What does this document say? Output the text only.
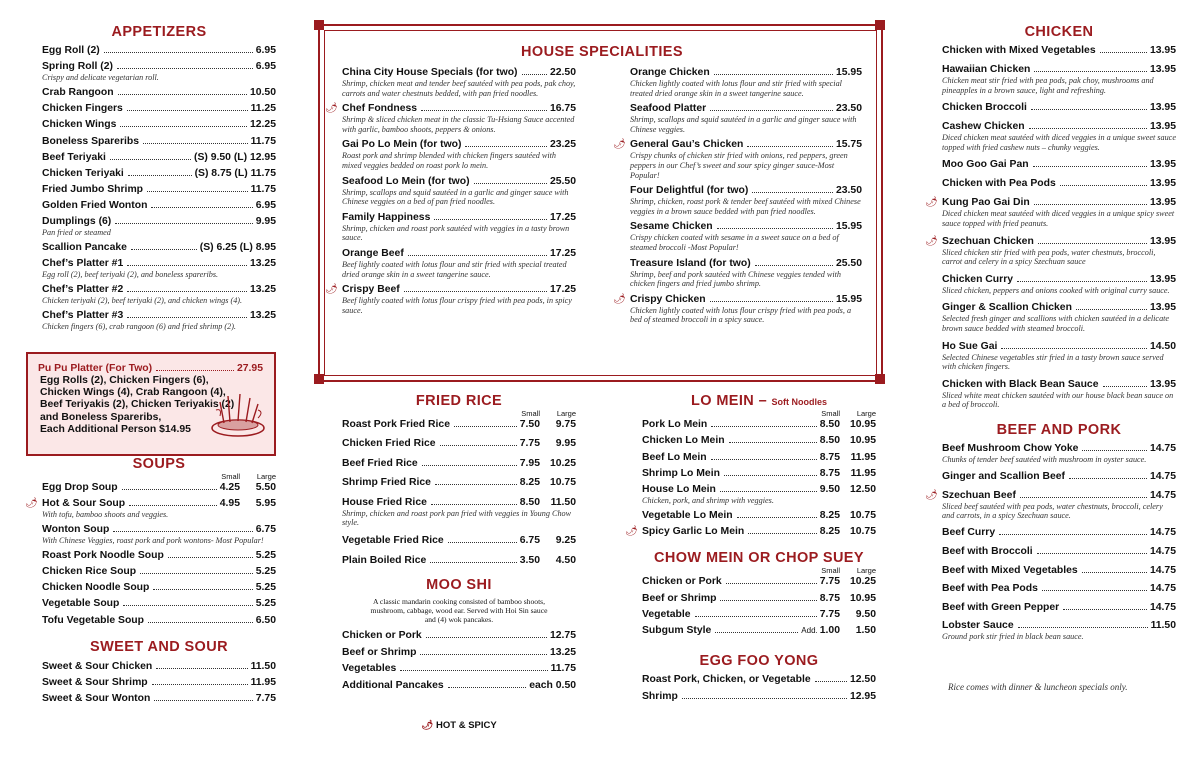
APPETIZERS
Egg Roll (2)	6.95
Spring Roll (2)	6.95

Crispy and delicate vegetarian roll.

Crab Rangoon	10.50
Chicken Fingers	11.25
Chicken Wings	12.25
Boneless Spareribs	11.75
Beef Teriyaki	(S) 9.50 (L) 12.95
Chicken Teriyaki	(S) 8.75 (L) 11.75
Fried Jumbo Shrimp	11.75
Golden Fried Wonton	6.95
Dumplings (6)	9.95

Pan fried or steamed

Scallion Pancake	(S) 6.25 (L) 8.95
Chef’s Platter #1	13.25

Egg roll (2), beef teriyaki (2), and boneless spareribs.

Chef’s Platter #2	13.25

Chicken teriyaki (2), beef teriyaki (2), and chicken wings (4).

Chef’s Platter #3	13.25

Chicken fingers (6), crab rangoon (6) and fried shrimp (2).

Pu Pu Platter (For Two)	27.95
Egg Rolls (2), Chicken Fingers (6),
Chicken Wings (4), Crab Rangoon (4),
Beef Teriyakis (2), Chicken Teriyakis (2)
and Boneless Spareribs,
Each Additional Person $14.95
SOUPS
Small	Large
Egg Drop Soup	4.25	5.50
🌶 Hot & Sour Soup	4.95	5.95

With tofu, bamboo shoots and veggies.

Wonton Soup	6.75

With Chinese Veggies, roast pork and pork wontons- Most Popular!

Roast Pork Noodle Soup	5.25
Chicken Rice Soup	5.25
Chicken Noodle Soup	5.25
Vegetable Soup	5.25
Tofu Vegetable Soup	6.50
SWEET AND SOUR
Sweet & Sour Chicken	11.50
Sweet & Sour Shrimp	11.95
Sweet & Sour Wonton	7.75
HOUSE SPECIALITIES
China City House Specials (for two)	22.50

Shrimp, chicken meat and tender beef sautéed with pea pods, pak choy, carrots and water chestnuts bedded, with pan fried noodles.

🌶 Chef Fondness	16.75

Shrimp & sliced chicken meat in the classic Tu-Hsiang Sauce accented with garlic, bamboo shoots, peppers & onions.

Gai Po Lo Mein (for two)	23.25

Roast pork and shrimp blended with chicken fingers sautéed with mixed veggies bedded on roast pork lo mein.

Seafood Lo Mein (for two)	25.50

Shrimp, scallops and squid sautéed in a garlic and ginger sauce with Chinese veggies on a bed of pan fried noodles.

Family Happiness	17.25

Shrimp, chicken and roast pork sautéed with veggies in a tasty brown sauce.

Orange Beef	17.25

Beef lightly coated with lotus flour and stir fried with special treated dried orange skin in a sweet tangerine sauce.

🌶 Crispy Beef	17.25

Beef lightly coated with lotus flour crispy fried with pea pods, in spicy sauce.

Orange Chicken	15.95

Chicken lightly coated with lotus flour and stir fried with special treated dried orange skin in a sweet tangerine sauce.

Seafood Platter	23.50

Shrimp, scallops and squid sautéed in a garlic and ginger sauce with Chinese veggies.

🌶 General Gau’s Chicken	15.75

Crispy chunks of chicken stir fried with onions, red peppers, green peppers in our Chef’s sweet and sour spicy ginger sauce-Most Popular!

Four Delightful (for two)	23.50

Shrimp, chicken, roast pork & tender beef sautéed with mixed Chinese veggies in a brown sauce bedded with pan fried noodles.

Sesame Chicken	15.95

Crispy chicken coated with sesame in a sweet sauce on a bed of steamed broccoli -Most Popular!

Treasure Island (for two)	25.50

Shrimp, beef and pork sautéed with Chinese veggies tended with chicken fingers and fried jumbo shrimp.

🌶 Crispy Chicken	15.95

Chicken lightly coated with lotus flour crispy fried with pea pods, a bed of steamed broccoli in a spicy sauce.

FRIED RICE
Small	Large
Roast Pork Fried Rice	7.50	9.75
Chicken Fried Rice	7.75	9.95
Beef Fried Rice	7.95 10.25
Shrimp Fried Rice	8.25 10.75
House Fried Rice	8.50	11.50

Shrimp, chicken and roast pork pan fried with veggies in Young Chow style.

Vegetable Fried Rice	6.75	9.25
Plain Boiled Rice	3.50	4.50
MOO SHI

A classic mandarin cooking consisted of bamboo shoots, mushroom, cabbage, wood ear. Served with Hoi Sin sauce and (4) wok pancakes.

Chicken or Pork	12.75
Beef or Shrimp	13.25
Vegetables	11.75
Additional Pancakes	each 0.50
🌶 HOT & SPICY
LO MEIN – Soft Noodles
Small	Large
Pork Lo Mein	8.50 10.95
Chicken Lo Mein	8.50 10.95
Beef Lo Mein	8.75	11.95
Shrimp Lo Mein	8.75	11.95
House Lo Mein	9.50 12.50

Chicken, pork, and shrimp with veggies.

Vegetable Lo Mein	8.25 10.75
🌶 Spicy Garlic Lo Mein	8.25 10.75
CHOW MEIN OR CHOP SUEY
Small	Large
Chicken or Pork	7.75 10.25
Beef or Shrimp	8.75 10.95
Vegetable	7.75	9.50
Subgum Style	Add. 1.00	1.50
EGG FOO YONG
Roast Pork, Chicken, or Vegetable	12.50
Shrimp	12.95
CHICKEN
Chicken with Mixed Vegetables	13.95
Hawaiian Chicken	13.95

Chicken meat stir fried with pea pods, pak choy, mushrooms and pineapples in a brown sauce, light and refreshing.

Chicken Broccoli	13.95
Cashew Chicken	13.95

Diced chicken meat sautéed with diced veggies in a unique sweet sauce topped with fried cashew nuts – chunky veggies.

Moo Goo Gai Pan	13.95
Chicken with Pea Pods	13.95
🌶 Kung Pao Gai Din	13.95

Diced chicken meat sautéed with diced veggies in a unique spicy sweet sauce topped with fried peanuts.

🌶 Szechuan Chicken	13.95

Sliced chicken stir fried with pea pods, water chestnuts, broccoli, carrot and celery in a spicy Szechuan sauce

Chicken Curry	13.95

Sliced chicken, peppers and onions cooked with original curry sauce.

Ginger & Scallion Chicken	13.95

Selected fresh ginger and scallions with chicken sautéed in a delicate brown sauce bedded with steamed broccoli.

Ho Sue Gai	14.50

Selected Chinese vegetables stir fried in a tasty brown sauce served with chicken fingers.

Chicken with Black Bean Sauce	13.95

Sliced white meat chicken sautéed with our house black bean sauce on a bed of broccoli.

BEEF AND PORK
Beef Mushroom Chow Yoke	14.75

Chunks of tender beef sautéed with mushroom in oyster sauce.

Ginger and Scallion Beef	14.75
🌶 Szechuan Beef	14.75

Sliced beef sautéed with pea pods, water chestnuts, broccoli, celery and carrots, in a spicy Szechuan sauce.

Beef Curry	14.75
Beef with Broccoli	14.75
Beef with Mixed Vegetables	14.75
Beef with Pea Pods	14.75
Beef with Green Pepper	14.75
Lobster Sauce	11.50

Ground pork stir fried in black bean sauce.

Rice comes with dinner & luncheon specials only.
